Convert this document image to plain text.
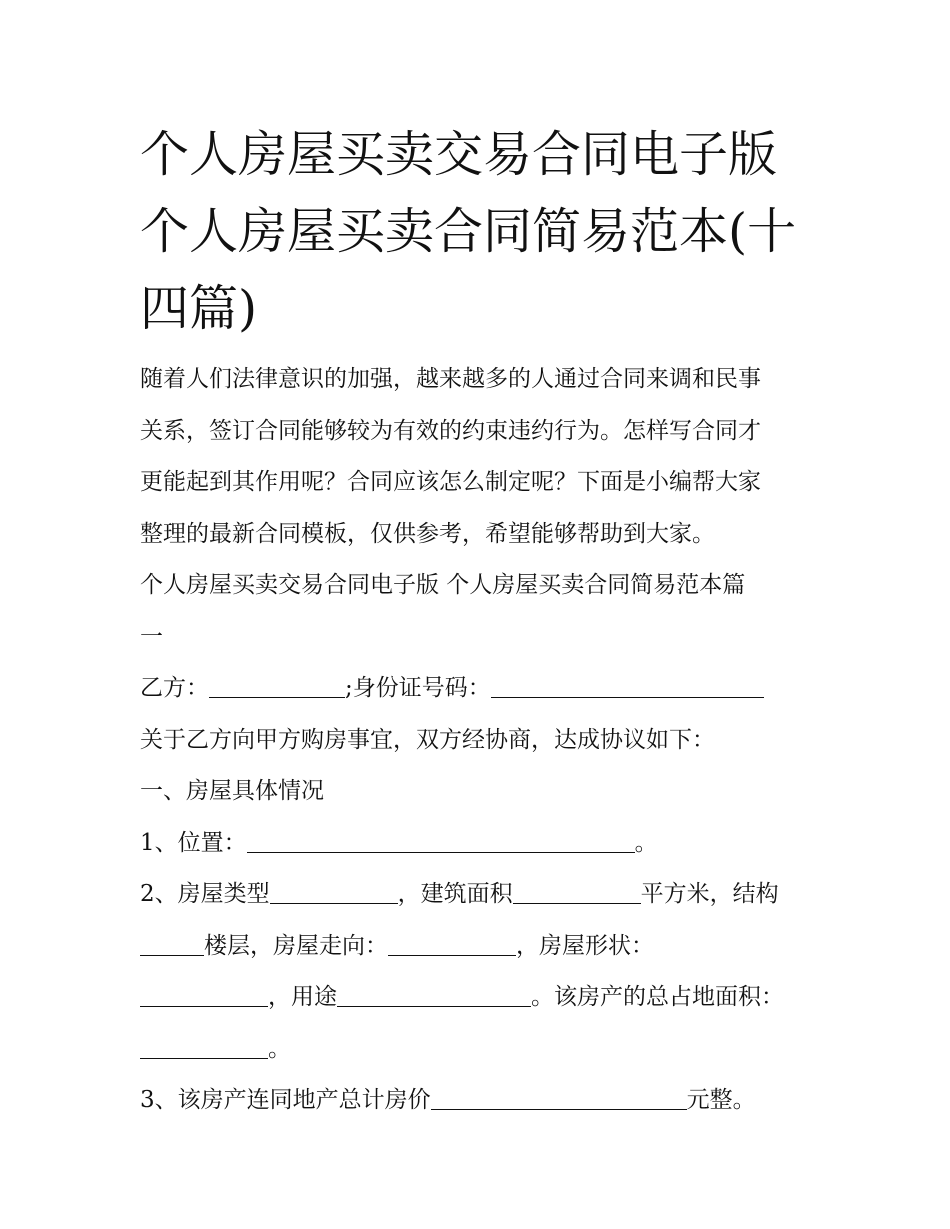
个人房屋买卖交易合同电子版
个人房屋买卖合同简易范本(十
四篇)
随着人们法律意识的加强，越来越多的人通过合同来调和民事
关系，签订合同能够较为有效的约束违约行为。怎样写合同才
更能起到其作用呢？合同应该怎么制定呢？下面是小编帮大家
整理的最新合同模板，仅供参考，希望能够帮助到大家。
个人房屋买卖交易合同电子版 个人房屋买卖合同简易范本篇
一
乙方：	;身份证号码：
关于乙方向甲方购房事宜，双方经协商，达成协议如下：
一、房屋具体情况
1、位置：	。
2、房屋类型	，建筑面积	平方米，结构
楼层，房屋走向：	，房屋形状：
，用途	。该房产的总占地面积：
。
3、该房产连同地产总计房价	元整。
